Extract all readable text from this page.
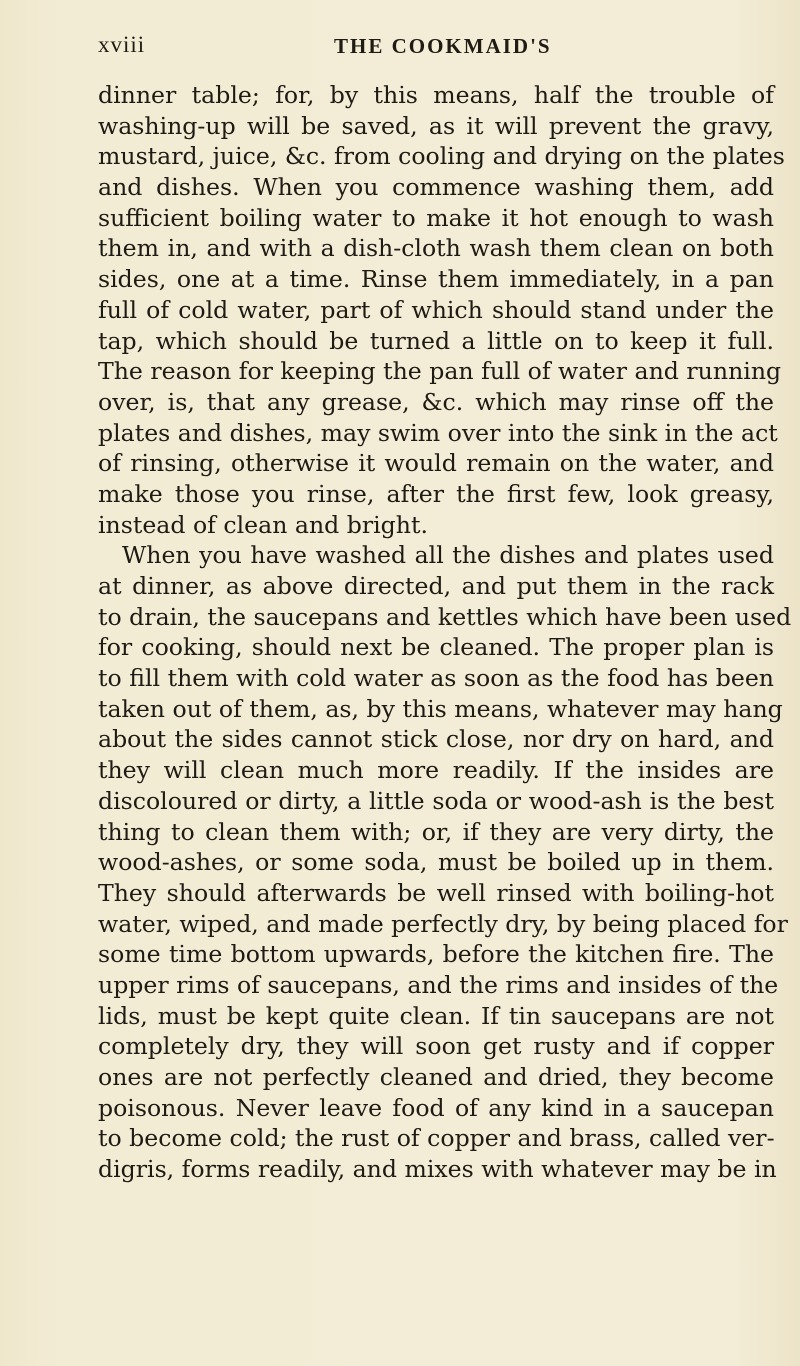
xviii	THE COOKMAID'S
dinner table; for, by this means, half the trouble of
washing-up will be saved, as it will prevent the gravy,
mustard, juice, &c. from cooling and drying on the plates
and dishes. When you commence washing them, add
sufficient boiling water to make it hot enough to wash
them in, and with a dish-cloth wash them clean on both
sides, one at a time. Rinse them immediately, in a pan
full of cold water, part of which should stand under the
tap, which should be turned a little on to keep it full.
The reason for keeping the pan full of water and running
over, is, that any grease, &c. which may rinse off the
plates and dishes, may swim over into the sink in the act
of rinsing, otherwise it would remain on the water, and
make those you rinse, after the first few, look greasy,
instead of clean and bright.
When you have washed all the dishes and plates used
at dinner, as above directed, and put them in the rack
to drain, the saucepans and kettles which have been used
for cooking, should next be cleaned. The proper plan is
to fill them with cold water as soon as the food has been
taken out of them, as, by this means, whatever may hang
about the sides cannot stick close, nor dry on hard, and
they will clean much more readily. If the insides are
discoloured or dirty, a little soda or wood-ash is the best
thing to clean them with; or, if they are very dirty, the
wood-ashes, or some soda, must be boiled up in them.
They should afterwards be well rinsed with boiling-hot
water, wiped, and made perfectly dry, by being placed for
some time bottom upwards, before the kitchen fire. The
upper rims of saucepans, and the rims and insides of the
lids, must be kept quite clean. If tin saucepans are not
completely dry, they will soon get rusty and if copper
ones are not perfectly cleaned and dried, they become
poisonous. Never leave food of any kind in a saucepan
to become cold; the rust of copper and brass, called ver-
digris, forms readily, and mixes with whatever may be in
